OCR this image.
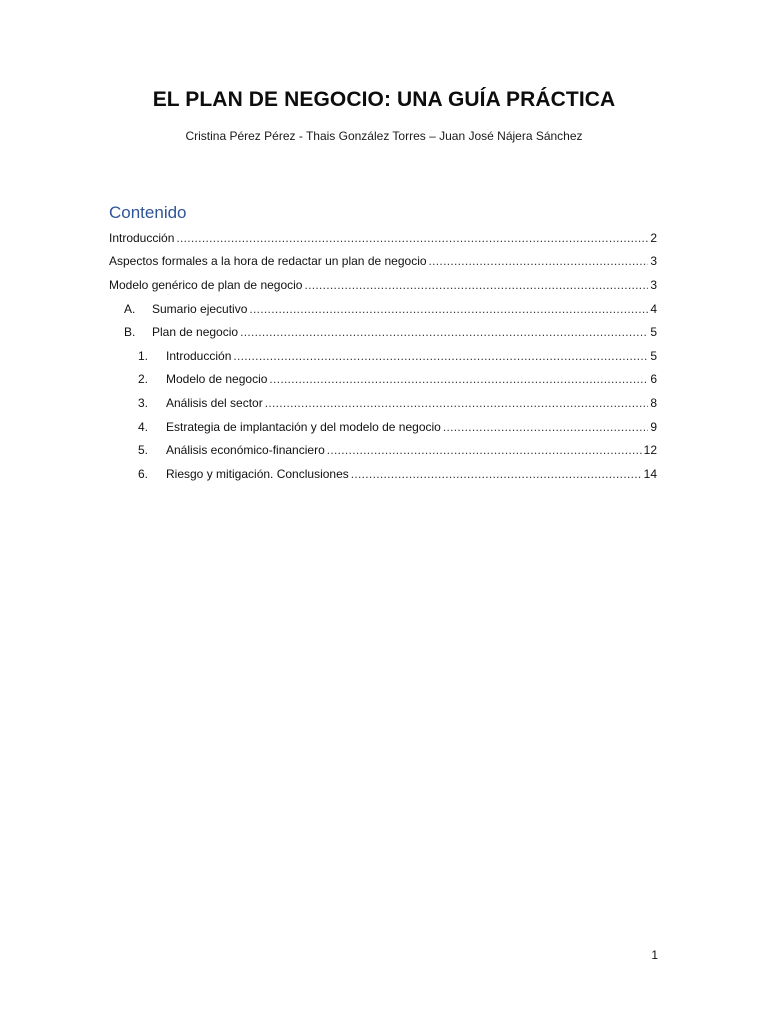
EL PLAN DE NEGOCIO: UNA GUÍA PRÁCTICA
Cristina Pérez Pérez - Thais González Torres – Juan José Nájera Sánchez
Contenido
Introducción .....	2
Aspectos formales a la hora de redactar un plan de negocio .....	3
Modelo genérico de plan de negocio .....	3
A.	Sumario ejecutivo .....	4
B.	Plan de negocio .....	5
1.	Introducción .....	5
2.	Modelo de negocio .....	6
3.	Análisis del sector .....	8
4.	Estrategia de implantación y del modelo de negocio .....	9
5.	Análisis económico-financiero .....	12
6.	Riesgo y mitigación. Conclusiones .....	14
1
